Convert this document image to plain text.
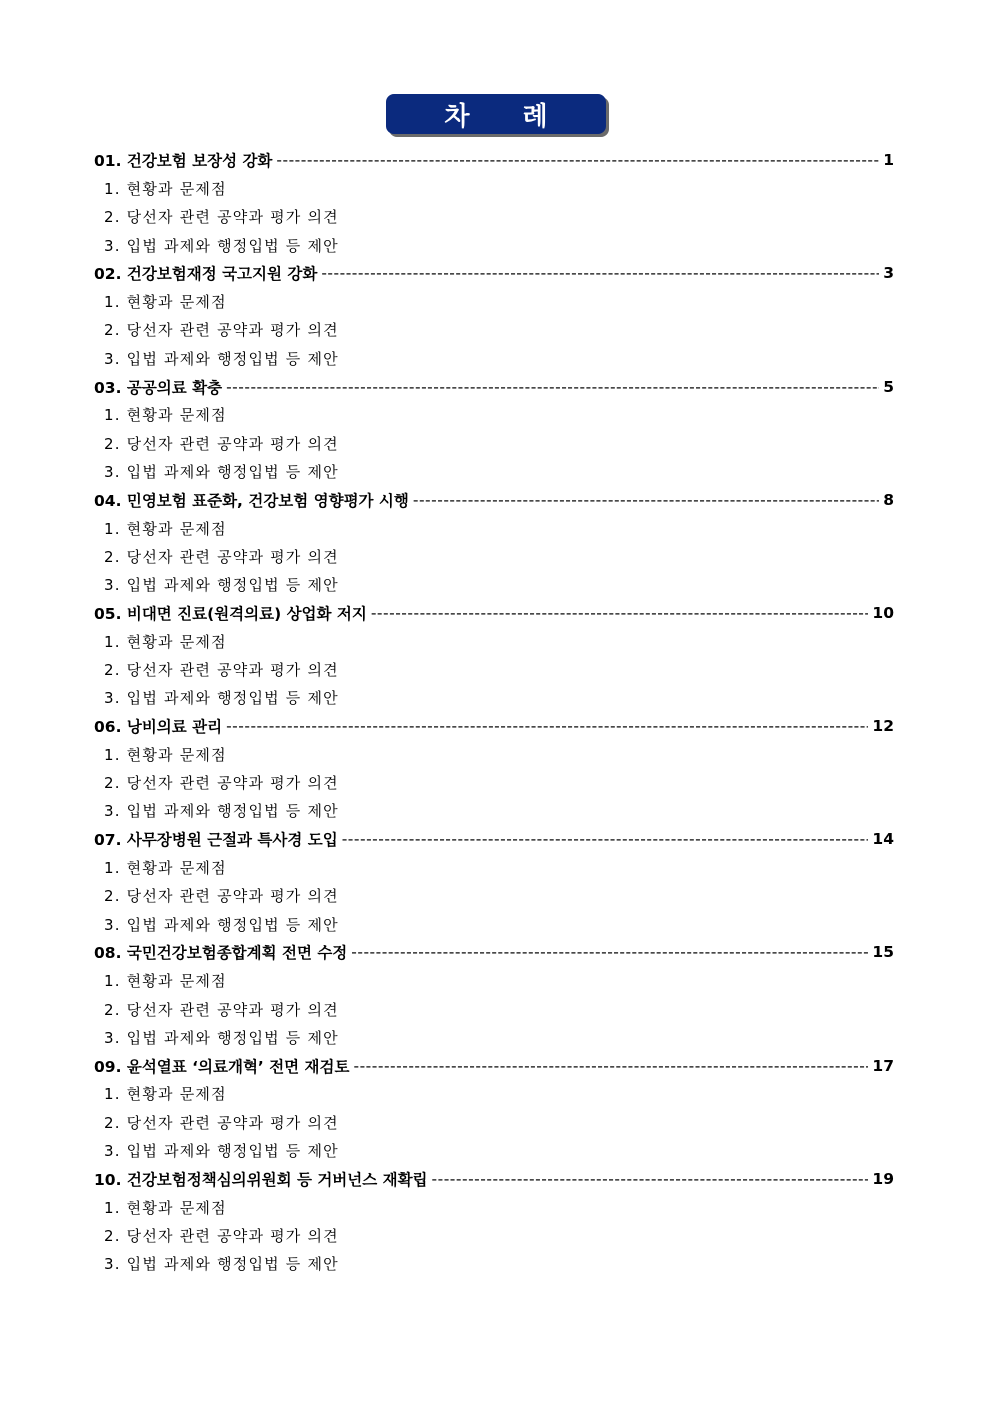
차 례
01. 건강보험 보장성 강화 -----	1
1. 현황과 문제점
2. 당선자 관련 공약과 평가 의견
3. 입법 과제와 행정입법 등 제안
02. 건강보험재정 국고지원 강화 -----	3
1. 현황과 문제점
2. 당선자 관련 공약과 평가 의견
3. 입법 과제와 행정입법 등 제안
03. 공공의료 확충 -----	5
1. 현황과 문제점
2. 당선자 관련 공약과 평가 의견
3. 입법 과제와 행정입법 등 제안
04. 민영보험 표준화, 건강보험 영향평가 시행 -----	8
1. 현황과 문제점
2. 당선자 관련 공약과 평가 의견
3. 입법 과제와 행정입법 등 제안
05. 비대면 진료(원격의료) 상업화 저지 -----	10
1. 현황과 문제점
2. 당선자 관련 공약과 평가 의견
3. 입법 과제와 행정입법 등 제안
06. 낭비의료 관리 -----	12
1. 현황과 문제점
2. 당선자 관련 공약과 평가 의견
3. 입법 과제와 행정입법 등 제안
07. 사무장병원 근절과 특사경 도입 -----	14
1. 현황과 문제점
2. 당선자 관련 공약과 평가 의견
3. 입법 과제와 행정입법 등 제안
08. 국민건강보험종합계획 전면 수정 -----	15
1. 현황과 문제점
2. 당선자 관련 공약과 평가 의견
3. 입법 과제와 행정입법 등 제안
09. 윤석열표 ‘의료개혁’ 전면 재검토 -----	17
1. 현황과 문제점
2. 당선자 관련 공약과 평가 의견
3. 입법 과제와 행정입법 등 제안
10. 건강보험정책심의위원회 등 거버넌스 재확립 -----	19
1. 현황과 문제점
2. 당선자 관련 공약과 평가 의견
3. 입법 과제와 행정입법 등 제안
